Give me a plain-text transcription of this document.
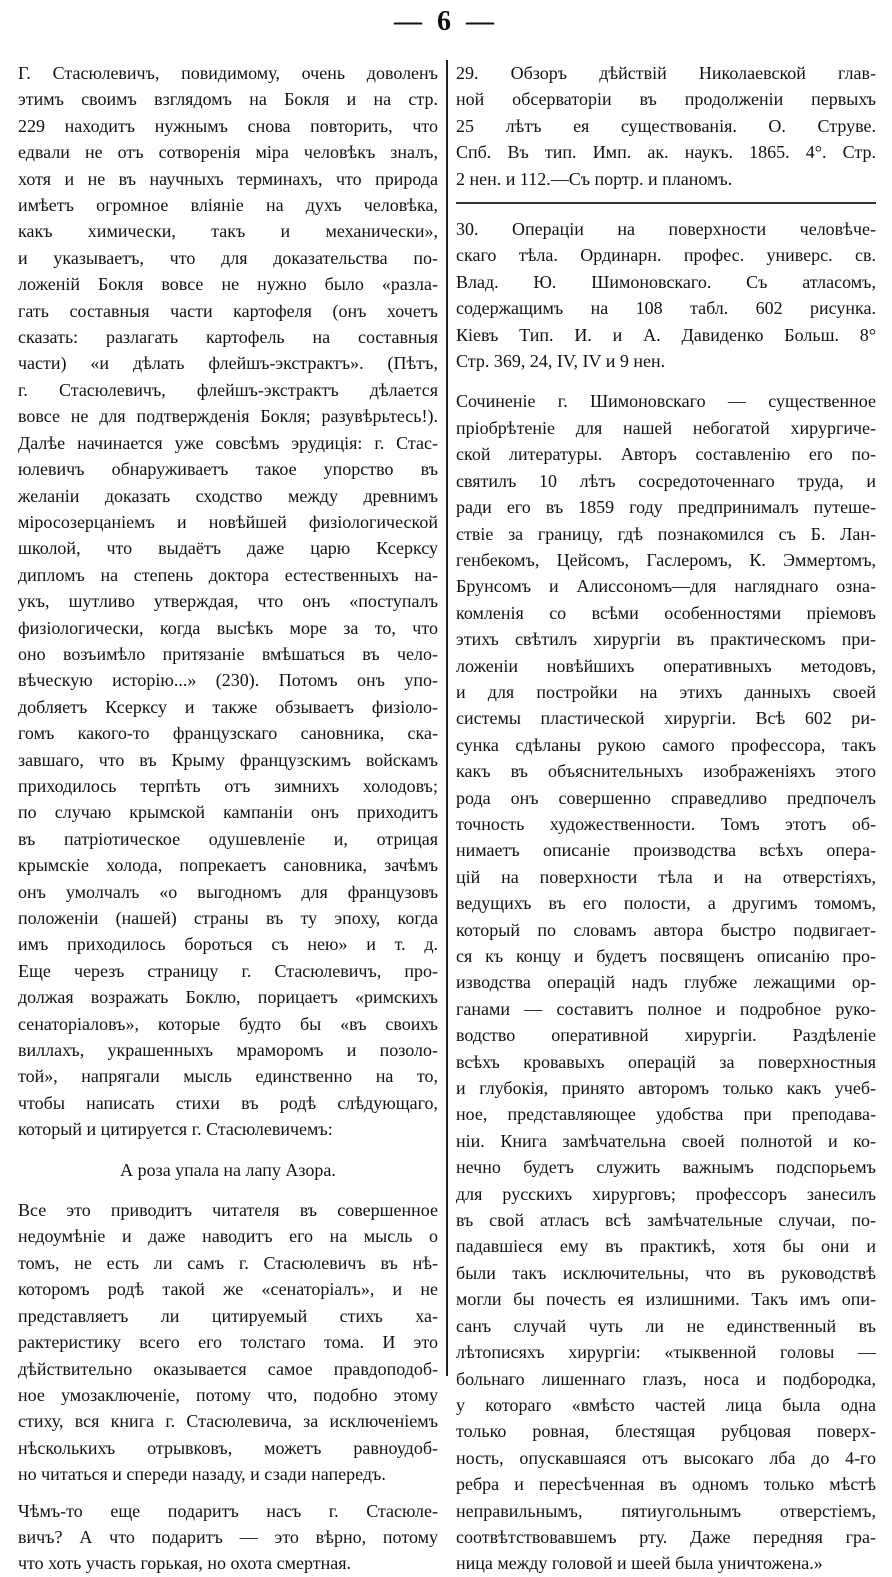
— 6 —
Г. Стасюлевичъ, повидимому, очень доволенъ
этимъ своимъ взглядомъ на Бокля и на стр.
229 находитъ нужнымъ снова повторить, что
едвали не отъ сотворенія міра человѣкъ зналъ,
хотя и не въ научныхъ терминахъ, что природа
имѣетъ огромное вліяніе на духъ человѣка,
какъ химически, такъ и механически»,
и указываетъ, что для доказательства по-
ложеній Бокля вовсе не нужно было «разла-
гать составныя части картофеля (онъ хочетъ
сказать: разлагать картофель на составныя
части) «и дѣлать флейшъ-экстрактъ». (Пѣтъ,
г. Стасюлевичъ, флейшъ-экстрактъ дѣлается
вовсе не для подтвержденія Бокля; разувѣрьтесь!).
Далѣе начинается уже совсѣмъ эрудиція: г. Стас-
юлевичъ обнаруживаетъ такое упорство въ
желаніи доказать сходство между древнимъ
міросозерцаніемъ и новѣйшей физіологической
школой, что выдаётъ даже царю Ксерксу
дипломъ на степень доктора естественныхъ на-
укъ, шутливо утверждая, что онъ «поступалъ
физіологически, когда высѣкъ море за то, что
оно возъимѣло притязаніе вмѣшаться въ чело-
вѣческую исторію...» (230). Потомъ онъ упо-
добляетъ Ксерксу и также обзываетъ физіоло-
гомъ какого-то французскаго сановника, ска-
завшаго, что въ Крыму французскимъ войскамъ
приходилось терпѣть отъ зимнихъ холодовъ;
по случаю крымской кампаніи онъ приходитъ
въ патріотическое одушевленіе и, отрицая
крымскіе холода, попрекаетъ сановника, зачѣмъ
онъ умолчалъ «о выгодномъ для французовъ
положеніи (нашей) страны въ ту эпоху, когда
имъ приходилось бороться съ нею» и т. д.
Еще черезъ страницу г. Стасюлевичъ, про-
должая возражать Боклю, порицаетъ «римскихъ
сенаторіаловъ», которые будто бы «въ своихъ
виллахъ, украшенныхъ мраморомъ и позоло-
той», напрягали мысль единственно на то,
чтобы написать стихи въ родѣ слѣдующаго,
который и цитируется г. Стасюлевичемъ:
А роза упала на лапу Азора.
Все это приводитъ читателя въ совершенное
недоумѣніе и даже наводитъ его на мысль о
томъ, не есть ли самъ г. Стасюлевичъ въ нѣ-
которомъ родѣ такой же «сенаторіалъ», и не
представляетъ ли цитируемый стихъ ха-
рактеристику всего его толстаго тома. И это
дѣйствительно оказывается самое правдоподоб-
ное умозаключеніе, потому что, подобно этому
стиху, вся книга г. Стасюлевича, за исключеніемъ
нѣсколькихъ отрывковъ, можетъ равноудоб-
но читаться и спереди назаду, и сзади напередъ.
Чѣмъ-то еще подаритъ насъ г. Стасюле-
вичъ? А что подаритъ — это вѣрно, потому
что хоть участь горькая, но охота смертная.
29. Обзоръ дѣйствій Николаевской глав-
ной обсерваторіи въ продолженіи первыхъ
25 лѣтъ ея существованія. О. Струве.
Спб. Въ тип. Имп. ак. наукъ. 1865. 4°. Стр.
2 нен. и 112.—Съ портр. и планомъ.
30. Операціи на поверхности человѣче-
скаго тѣла. Ординарн. профес. универс. св.
Влад. Ю. Шимоновскаго. Съ атласомъ,
содержащимъ на 108 табл. 602 рисунка.
Кіевъ Тип. И. и А. Давиденко Больш. 8°
Стр. 369, 24, IV, IV и 9 нен.
Сочиненіе г. Шимоновскаго — существенное
пріобрѣтеніе для нашей небогатой хирургиче-
ской литературы. Авторъ составленію его по-
святилъ 10 лѣтъ сосредоточеннаго труда, и
ради его въ 1859 году предпринималъ путеше-
ствіе за границу, гдѣ познакомился съ Б. Лан-
генбекомъ, Цейсомъ, Гаслеромъ, К. Эммертомъ,
Брунсомъ и Алиссономъ—для нагляднаго озна-
комленія со всѣми особенностями пріемовъ
этихъ свѣтилъ хирургіи въ практическомъ при-
ложеніи новѣйшихъ оперативныхъ методовъ,
и для постройки на этихъ данныхъ cвоей
системы пластической хирургіи. Всѣ 602 ри-
сунка сдѣланы рукою самого профессора, такъ
какъ въ объяснительныхъ изображеніяхъ этого
рода онъ совершенно справедливо предпочелъ
точность художественности. Томъ этотъ об-
нимаетъ описаніе производства всѣхъ опера-
цій на поверхности тѣла и на отверстіяхъ,
ведущихъ въ его полости, а другимъ томомъ,
который по словамъ автора быстро подвигает-
ся къ концу и будетъ посвященъ описанію про-
изводства операцій надъ глубже лежащими ор-
ганами — составитъ полное и подробное руко-
водство оперативной хирургіи. Раздѣленіе
всѣхъ кровавыхъ операцій за поверхностныя
и глубокія, принято авторомъ только какъ учеб-
ное, представляющее удобства при преподава-
ніи. Книга замѣчательна своей полнотой и ко-
нечно будетъ служить важнымъ подспорьемъ
для русскихъ хирурговъ; профессоръ занесилъ
въ свой атласъ всѣ замѣчательные случаи, по-
падавшіеся ему въ практикѣ, хотя бы они и
были такъ исключительны, что въ руководствѣ
могли бы почесть ея излишними. Такъ имъ опи-
санъ случай чуть ли не единственный въ
лѣтописяхъ хирургіи: «тыквенной головы —
больнаго лишеннаго глазъ, носа и подбородка,
у котораго «вмѣсто частей лица была одна
только ровная, блестящая рубцовая поверх-
ность, опускавшаяся отъ высокаго лба до 4-го
ребра и пересѣченная въ одномъ только мѣстѣ
неправильнымъ, пятиугольнымъ отверстіемъ,
соотвѣтствовавшемъ рту. Даже передняя гра-
ница между головой и шеей была уничтожена.»
